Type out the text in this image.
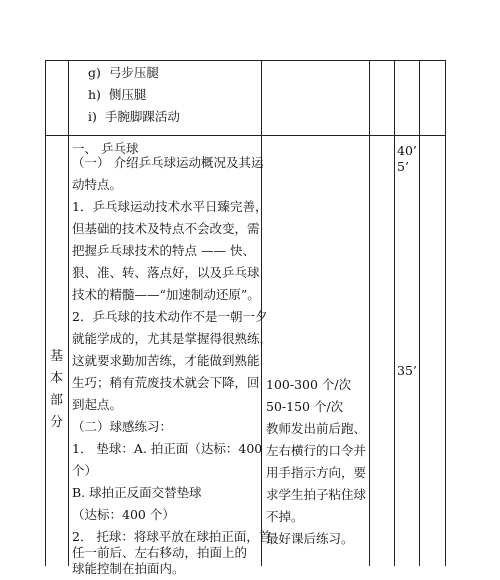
g) 弓步压腿
h) 侧压腿
i) 手腕脚踝活动
基
本
部
分
一、 乒乓球
（一） 介绍乒乓球运动概况及其运
动特点。
1．乒乓球运动技术水平日臻完善，
但基础的技术及特点不会改变，需
把握乒乓球技术的特点 —— 快、
狠、准、转、落点好，以及乒乓球
技术的精髓——“加速制动还原”。
2．乒乓球的技术动作不是一朝一夕
就能学成的，尤其是掌握得很熟练，
这就要求勤加苦练，才能做到熟能
生巧；稍有荒废技术就会下降，回
到起点。
（二）球感练习：
1． 垫球：A. 拍正面（达标：400
个）
B. 球拍正反面交替垫球
（达标：400 个）
2． 托球：将球平放在球拍正面，首
任一前后、左右移动，拍面上的
球能控制在拍面内。
100-300 个/次
50-150 个/次
教师发出前后跑、
左右横行的口令并
用手指示方向，要
求学生拍子粘住球
不掉。
最好课后练习。
40’
5’
35’
